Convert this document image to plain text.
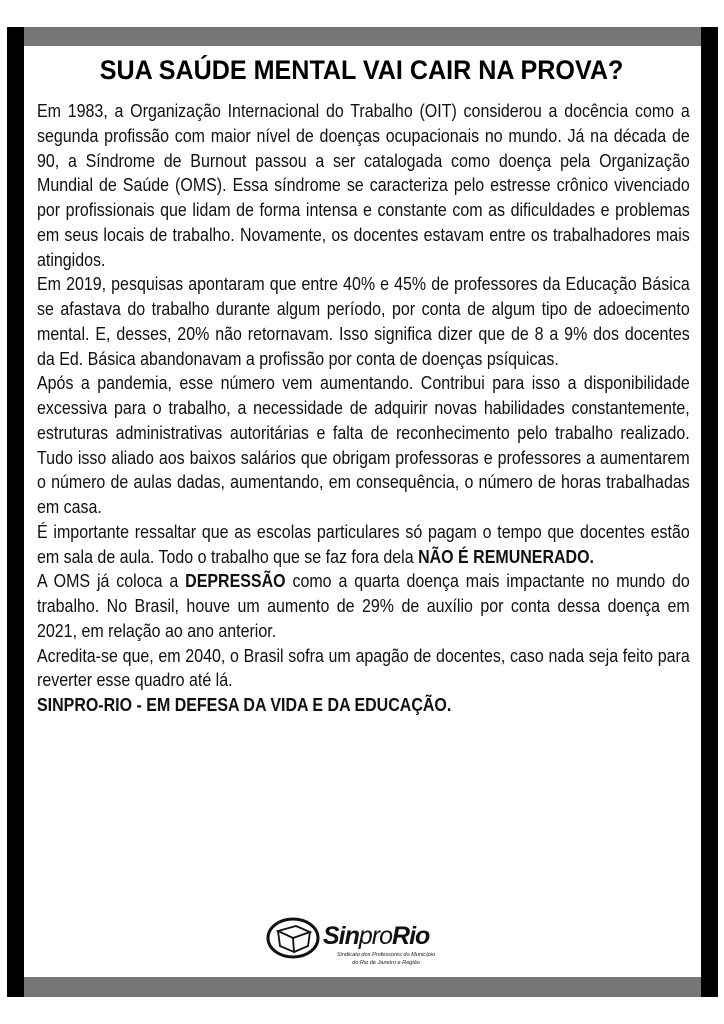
SUA SAÚDE MENTAL VAI CAIR NA PROVA?

Em 1983, a Organização Internacional do Trabalho (OIT) considerou a docência como a segunda profissão com maior nível de doenças ocupacionais no mundo. Já na década de 90, a Síndrome de Burnout passou a ser catalogada como doença pela Organização Mundial de Saúde (OMS). Essa síndrome se caracteriza pelo estresse crônico vivenciado por profissionais que lidam de forma intensa e constante com as dificuldades e problemas em seus locais de trabalho. Novamente, os docentes estavam entre os trabalhadores mais atingidos.

Em 2019, pesquisas apontaram que entre 40% e 45% de professores da Educação Básica se afastava do trabalho durante algum período, por conta de algum tipo de adoecimento mental. E, desses, 20% não retornavam. Isso significa dizer que de 8 a 9% dos docentes da Ed. Básica abandonavam a profissão por conta de doenças psíquicas.

Após a pandemia, esse número vem aumentando. Contribui para isso a disponibilidade excessiva para o trabalho, a necessidade de adquirir novas habilidades constantemente, estruturas administrativas autoritárias e falta de reconhecimento pelo trabalho realizado. Tudo isso aliado aos baixos salários que obrigam professoras e professores a aumentarem o número de aulas dadas, aumentando, em consequência, o número de horas trabalhadas em casa.

É importante ressaltar que as escolas particulares só pagam o tempo que docentes estão em sala de aula. Todo o trabalho que se faz fora dela NÃO É REMUNERADO.

A OMS já coloca a DEPRESSÃO como a quarta doença mais impactante no mundo do trabalho. No Brasil, houve um aumento de 29% de auxílio por conta dessa doença em 2021, em relação ao ano anterior.

Acredita-se que, em 2040, o Brasil sofra um apagão de docentes, caso nada seja feito para reverter esse quadro até lá.

SINPRO-RIO - EM DEFESA DA VIDA E DA EDUCAÇÃO.

SinproRio
Sindicato dos Professores do Município
do Rio de Janeiro e Região
